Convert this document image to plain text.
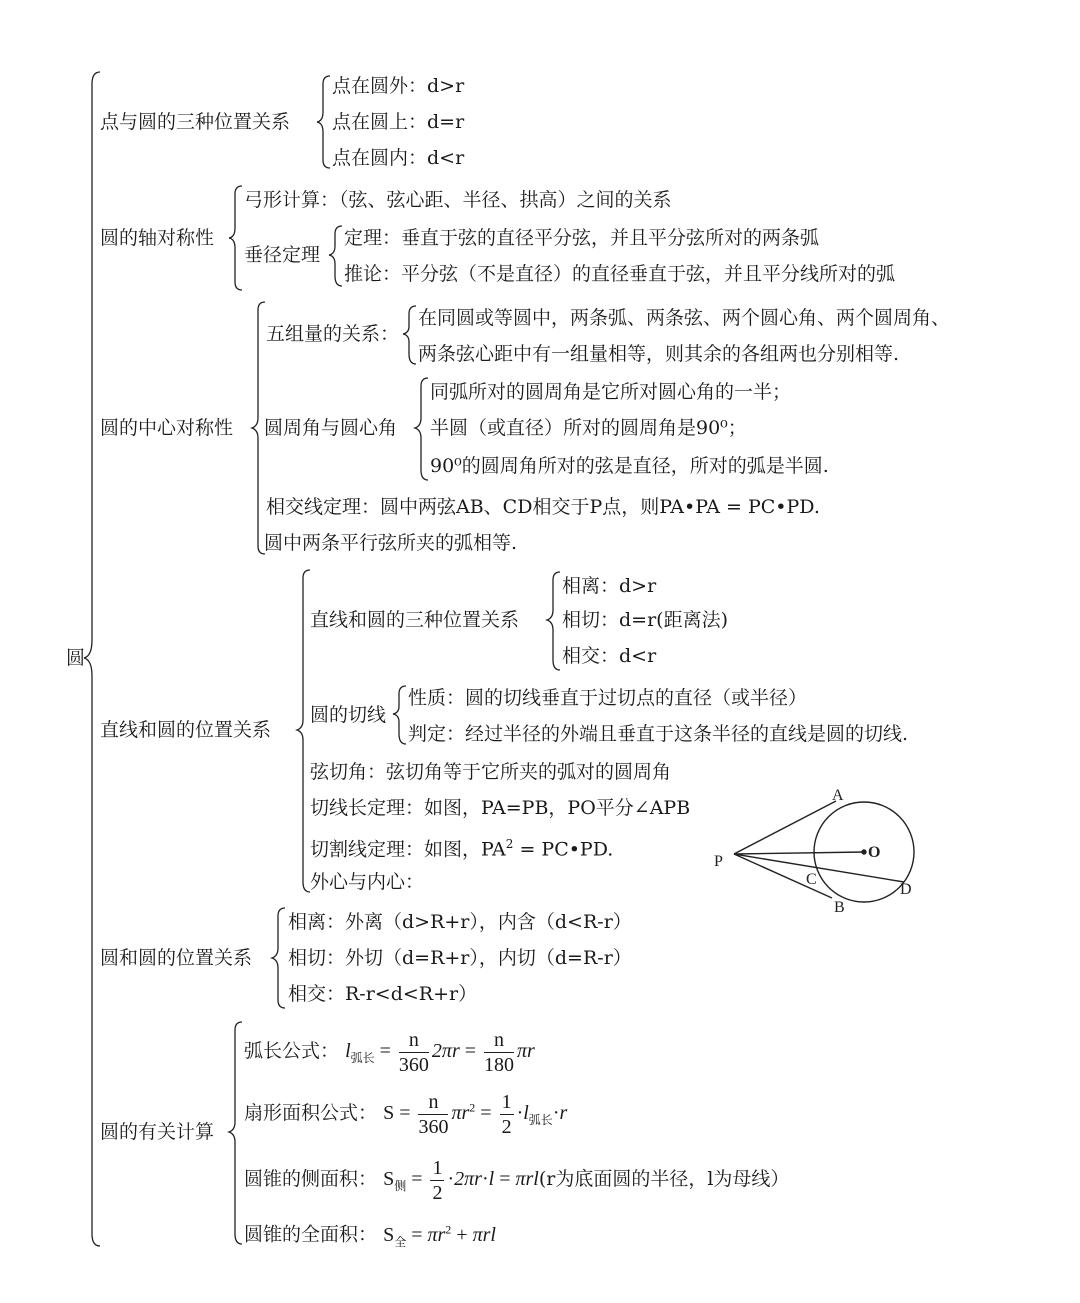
圆
点与圆的三种位置关系
点在圆外：d>r
点在圆上：d=r
点在圆内：d<r
圆的轴对称性
弓形计算：（弦、弦心距、半径、拱高）之间的关系
垂径定理
定理：垂直于弦的直径平分弦，并且平分弦所对的两条弧
推论：平分弦（不是直径）的直径垂直于弦，并且平分线所对的弧
圆的中心对称性
五组量的关系：
在同圆或等圆中，两条弧、两条弦、两个圆心角、两个圆周角、
两条弦心距中有一组量相等，则其余的各组两也分别相等.
圆周角与圆心角
同弧所对的圆周角是它所对圆心角的一半；
半圆（或直径）所对的圆周角是90⁰；
90⁰的圆周角所对的弦是直径，所对的弧是半圆.
相交线定理：圆中两弦AB、CD相交于P点，则PA•PA = PC•PD.
圆中两条平行弦所夹的弧相等.
直线和圆的位置关系
直线和圆的三种位置关系
相离：d>r
相切：d=r(距离法)
相交：d<r
圆的切线
性质：圆的切线垂直于过切点的直径（或半径）
判定：经过半径的外端且垂直于这条半径的直线是圆的切线.
弦切角：弦切角等于它所夹的弧对的圆周角
切线长定理：如图，PA=PB，PO平分∠APB
切割线定理：如图，$PA^2$ = PC•PD.
外心与内心：
A
O
P
C
D
B
圆和圆的位置关系
相离：外离（d>R+r），内含（d<R-r）
相切：外切（d=R+r），内切（d=R-r）
相交：R-r<d<R+r）
圆的有关计算
弧长公式： $l_{弧长} = \frac{n}{360} 2\pi r = \frac{n}{180}$ πr
扇形面积公式： $S = \frac{n}{360} \pi r^2 = \frac{1}{2} \cdot l_{弧长}\cdot r$
圆锥的侧面积： $S_侧 = \frac{1}{2} \cdot 2\pi r\cdot l = \pi rl(r$为底面圆的半径，l为母线）
圆锥的全面积： $S_全 = \pi r^2 + \pi rl$
